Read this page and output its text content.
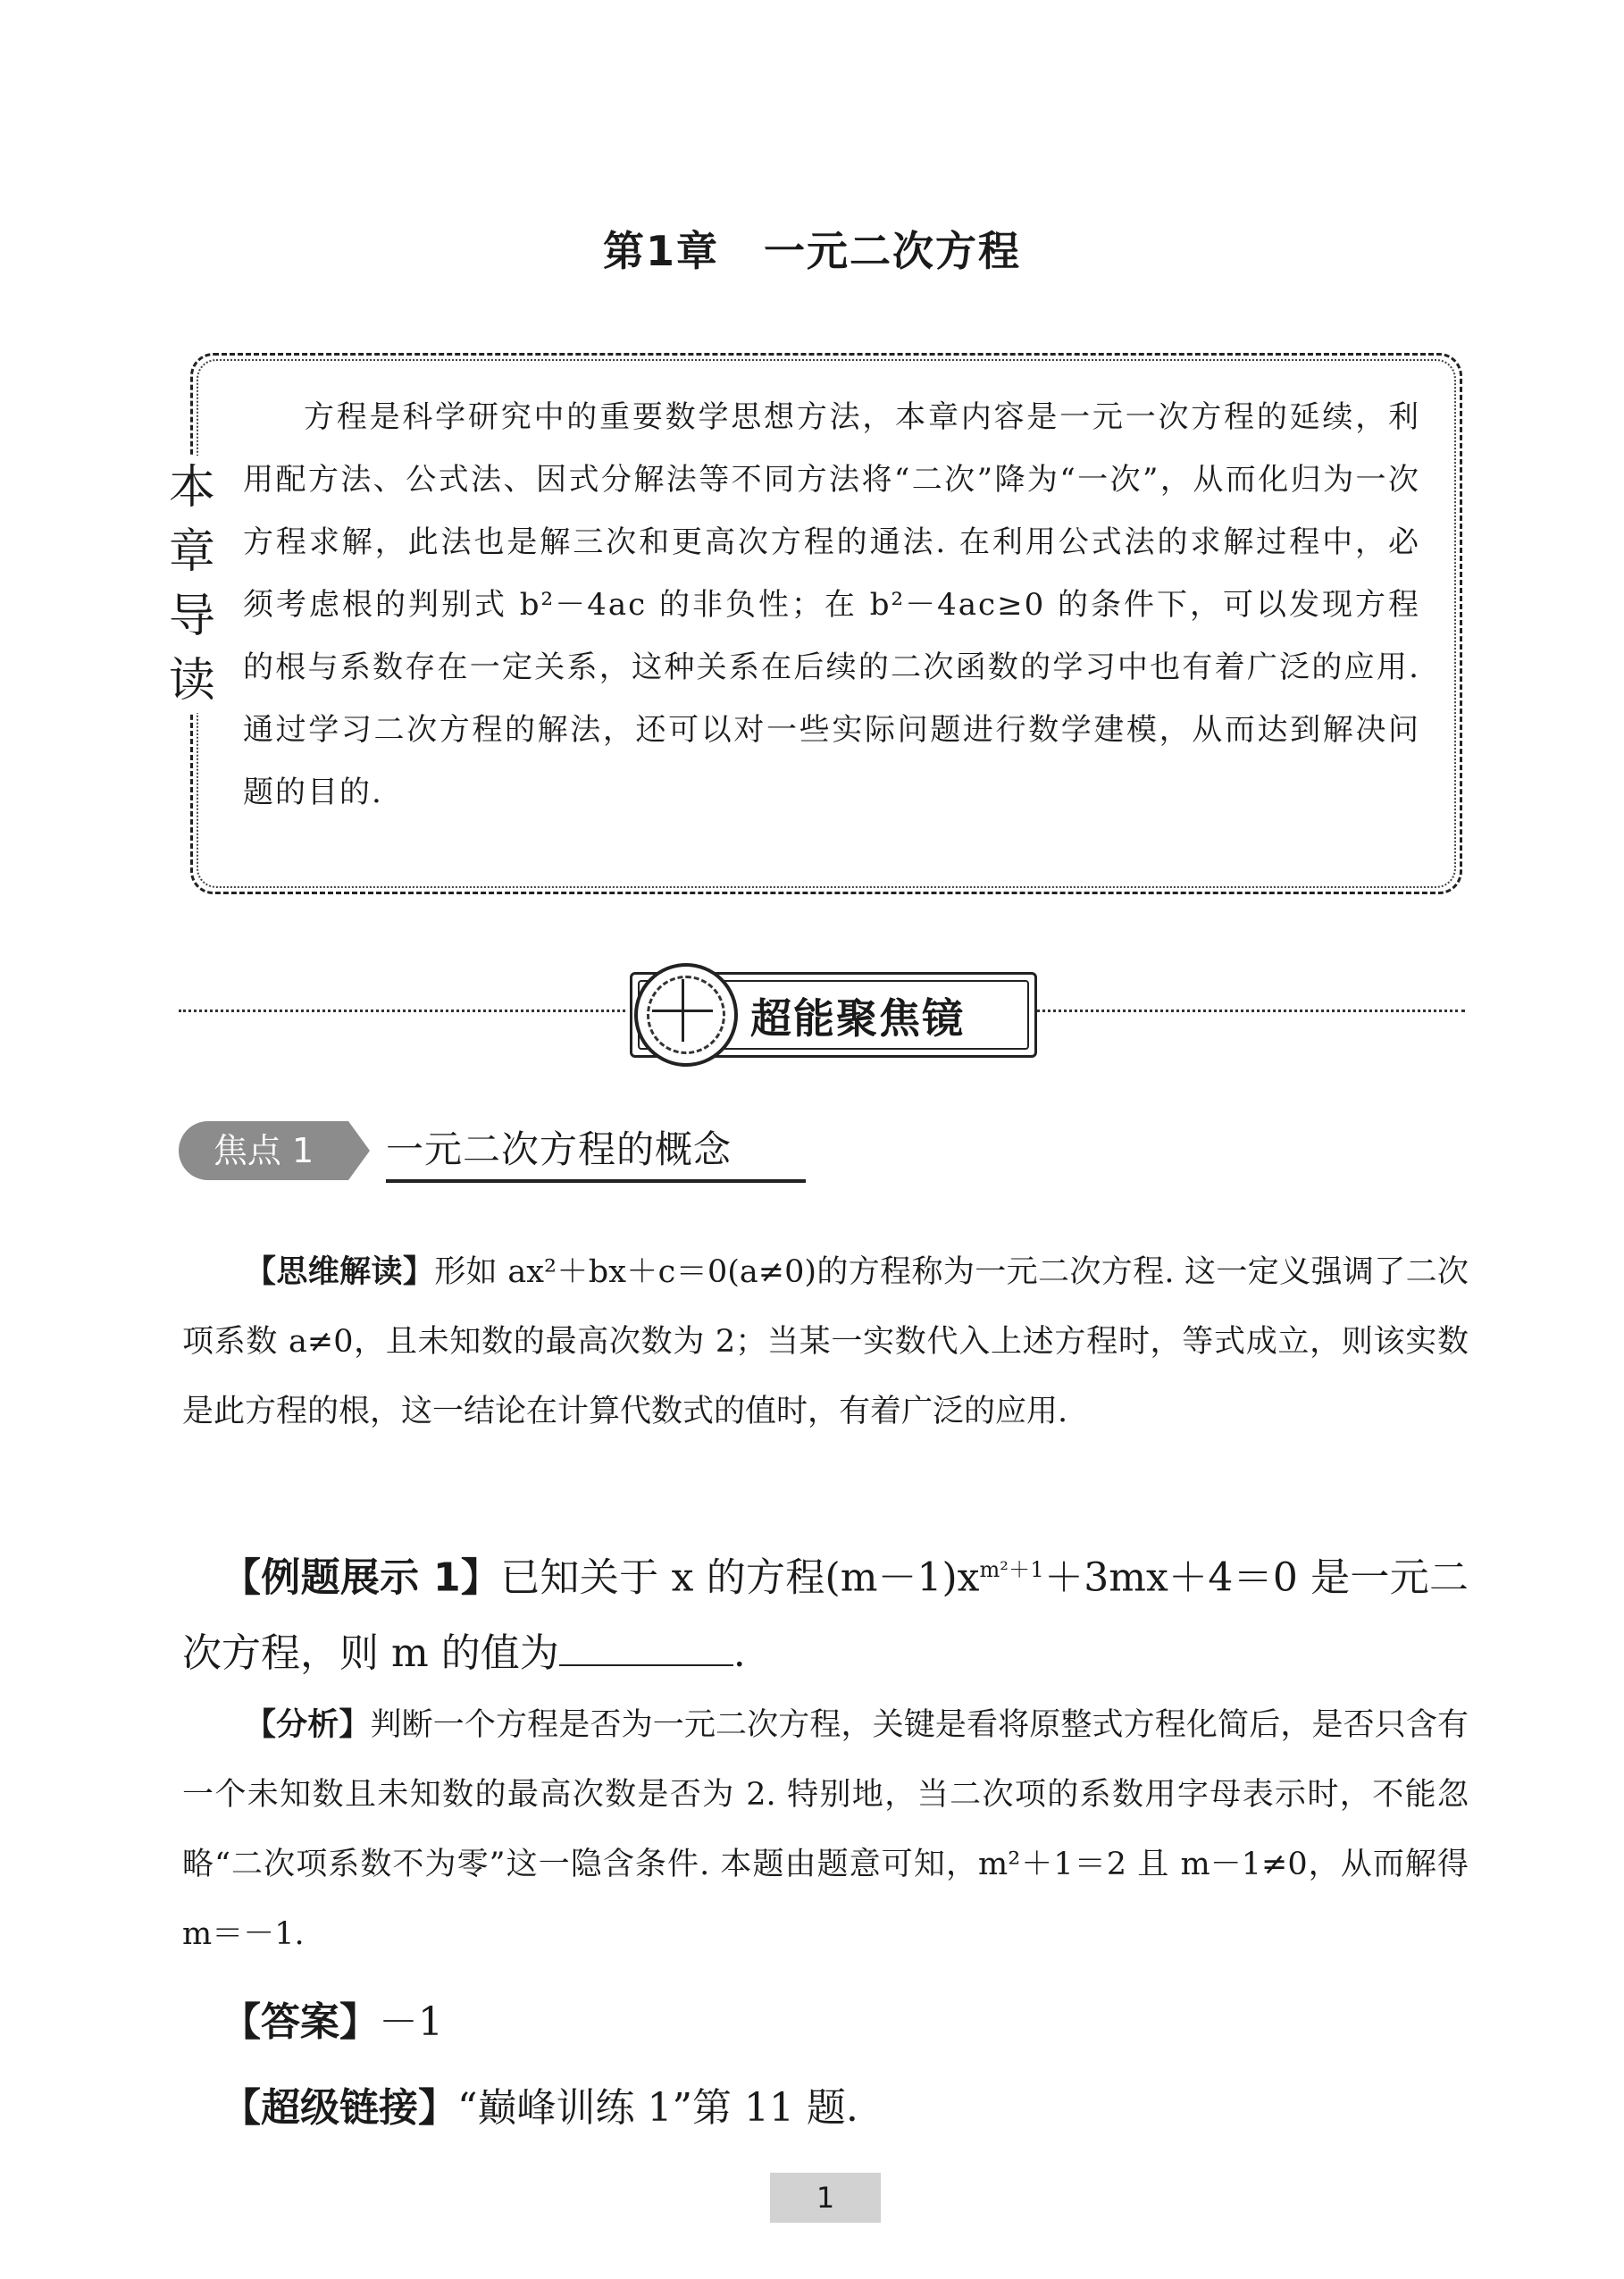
第1章 一元二次方程
本
章
导
读

方程是科学研究中的重要数学思想方法，本章内容是一元一次方程的延续，利用配方法、公式法、因式分解法等不同方法将“二次”降为“一次”，从而化归为一次方程求解，此法也是解三次和更高次方程的通法. 在利用公式法的求解过程中，必须考虑根的判别式 b²－4ac 的非负性；在 b²－4ac≥0 的条件下，可以发现方程的根与系数存在一定关系，这种关系在后续的二次函数的学习中也有着广泛的应用. 通过学习二次方程的解法，还可以对一些实际问题进行数学建模，从而达到解决问题的目的.

超能聚焦镜
焦点 1	一元二次方程的概念

【思维解读】形如 ax²＋bx＋c＝0(a≠0)的方程称为一元二次方程. 这一定义强调了二次项系数 a≠0，且未知数的最高次数为 2；当某一实数代入上述方程时，等式成立，则该实数是此方程的根，这一结论在计算代数式的值时，有着广泛的应用.

【例题展示 1】已知关于 x 的方程$(m-1)x^{m^2+1}+3mx+4=0$ 是一元二次方程，则 m 的值为	.

【分析】判断一个方程是否为一元二次方程，关键是看将原整式方程化简后，是否只含有一个未知数且未知数的最高次数是否为 2. 特别地，当二次项的系数用字母表示时，不能忽略“二次项系数不为零”这一隐含条件. 本题由题意可知，m²＋1＝2 且 m－1≠0，从而解得 m＝－1.

【答案】－1

【超级链接】“巅峰训练 1”第 11 题.

1
